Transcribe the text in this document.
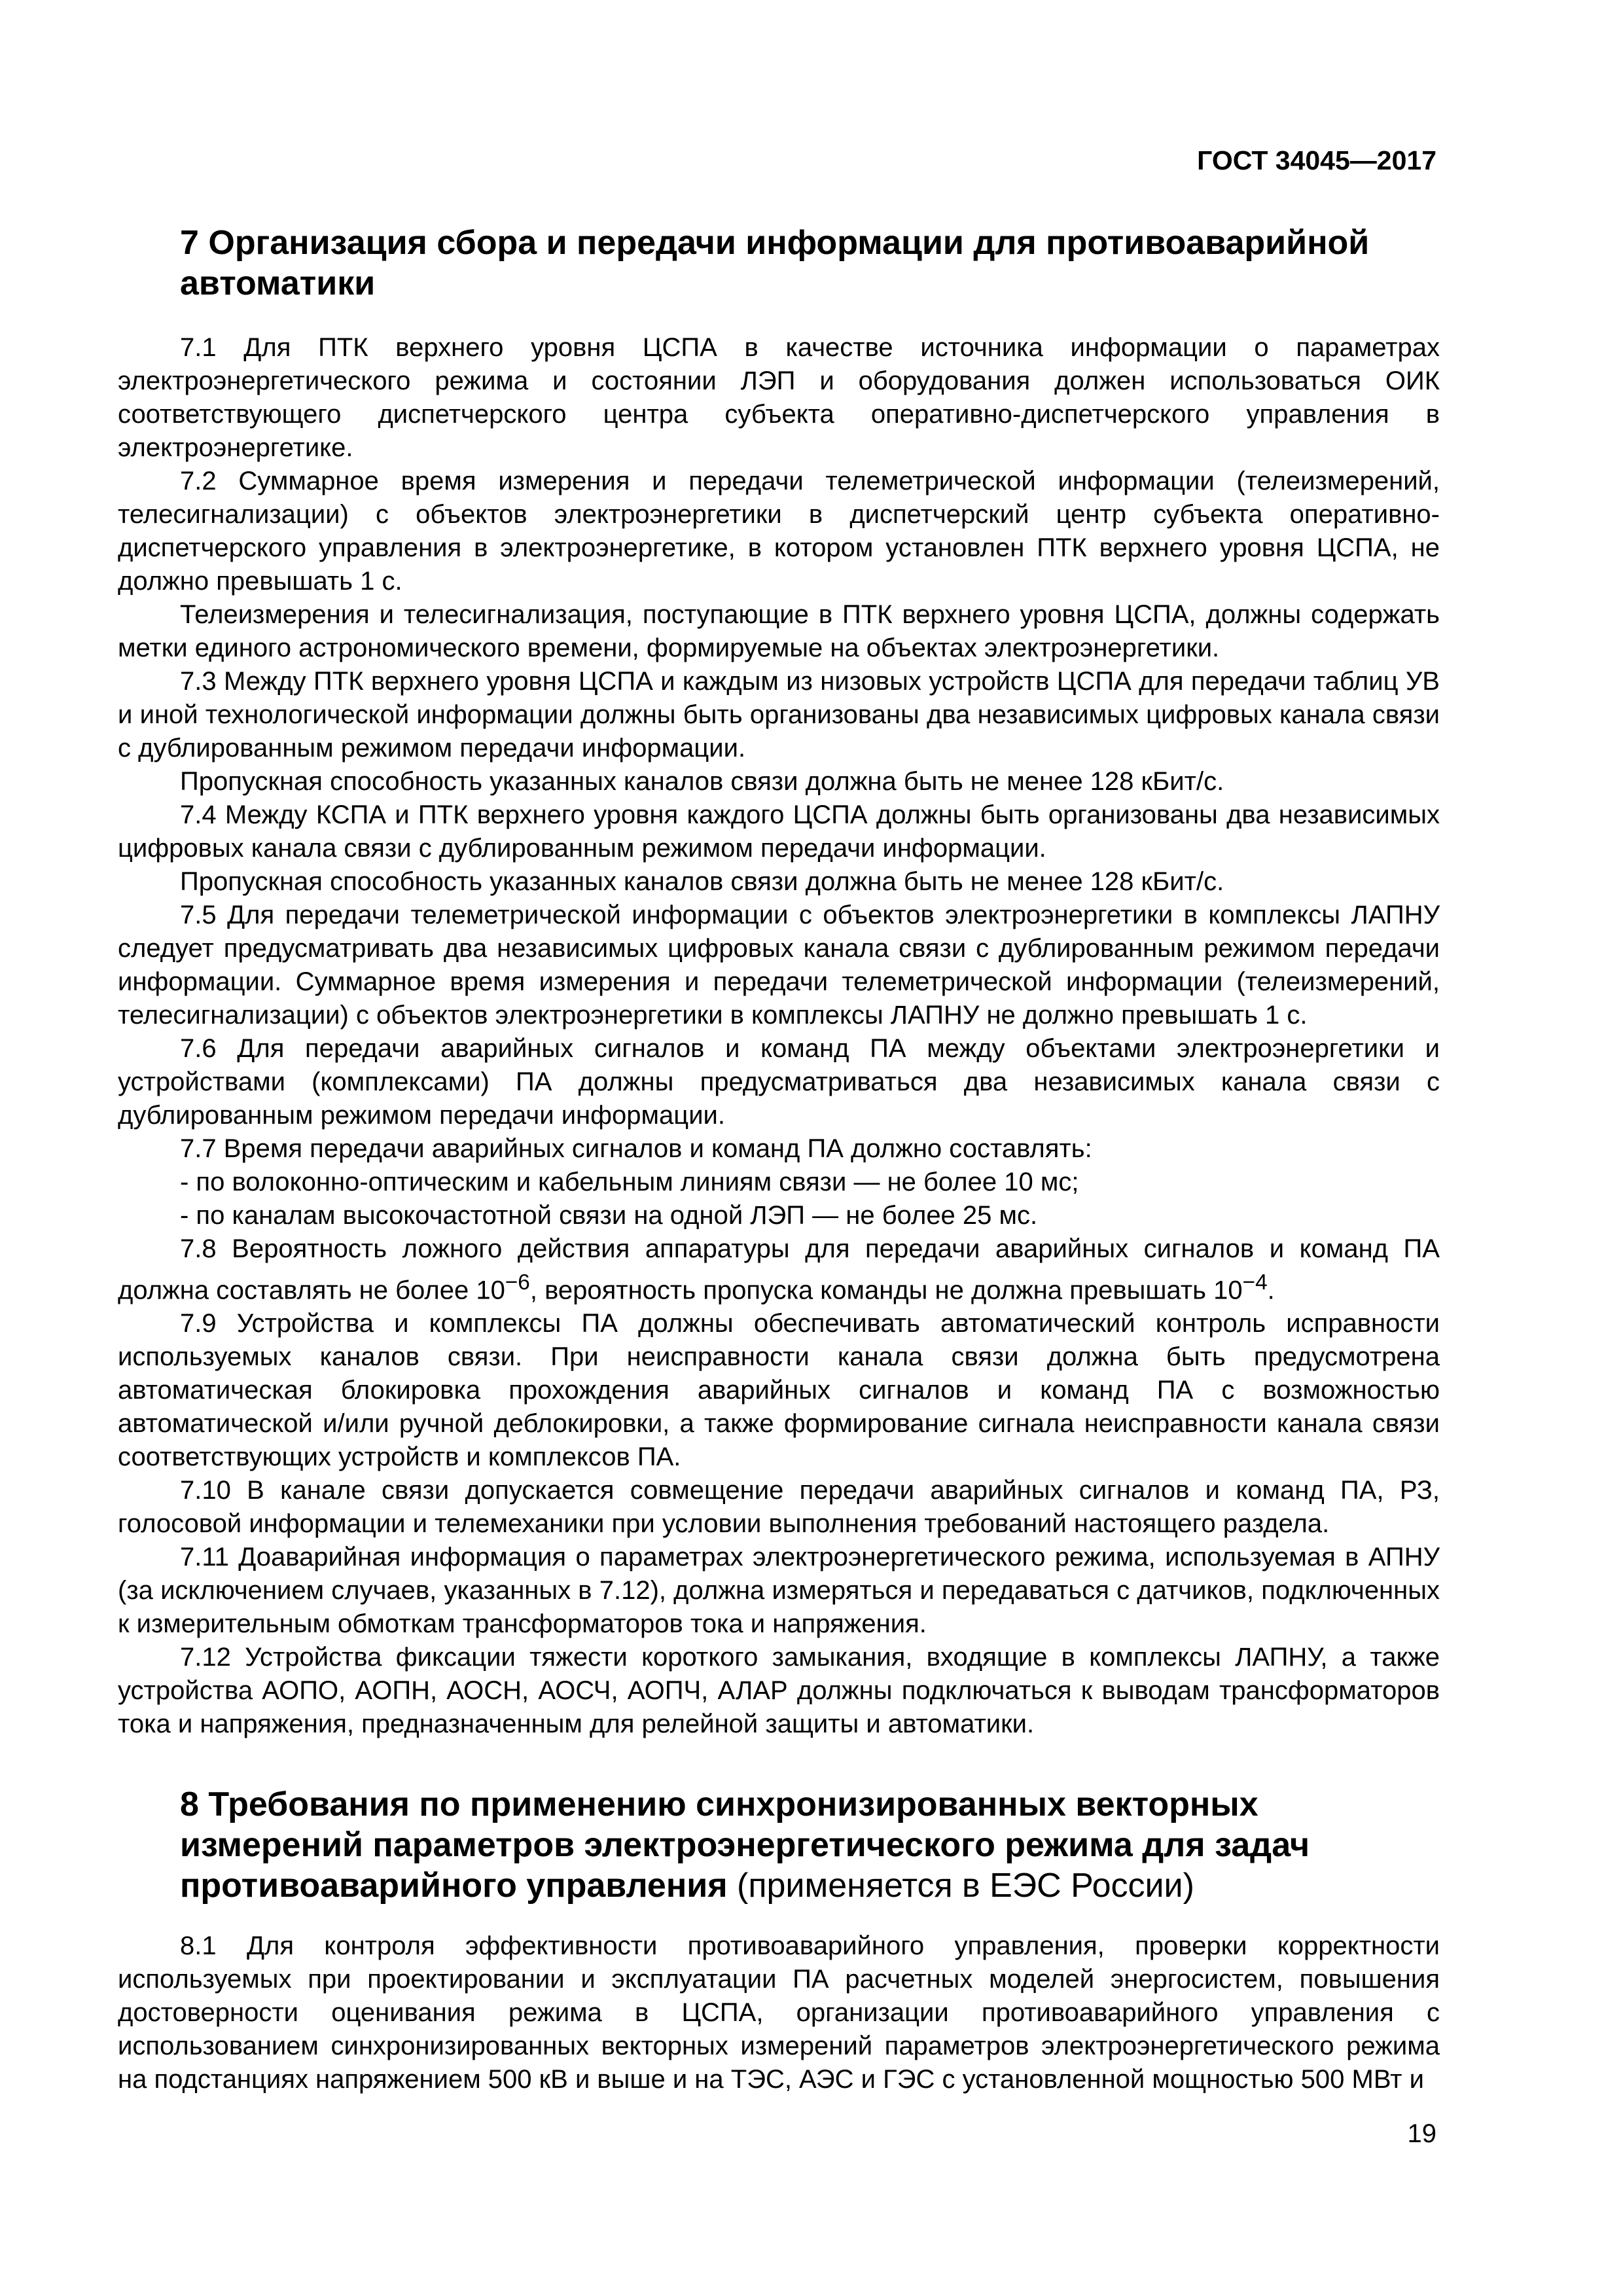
ГОСТ 34045—2017
7 Организация сбора и передачи информации для противоаварийной автоматики

7.1 Для ПТК верхнего уровня ЦСПА в качестве источника информации о параметрах электроэнергетического режима и состоянии ЛЭП и оборудования должен использоваться ОИК соответствующего диспетчерского центра субъекта оперативно-диспетчерского управления в электроэнергетике.

7.2 Суммарное время измерения и передачи телеметрической информации (телеизмерений, телесигнализации) с объектов электроэнергетики в диспетчерский центр субъекта оперативно-диспетчерского управления в электроэнергетике, в котором установлен ПТК верхнего уровня ЦСПА, не должно превышать 1 с.

Телеизмерения и телесигнализация, поступающие в ПТК верхнего уровня ЦСПА, должны содержать метки единого астрономического времени, формируемые на объектах электроэнергетики.

7.3 Между ПТК верхнего уровня ЦСПА и каждым из низовых устройств ЦСПА для передачи таблиц УВ и иной технологической информации должны быть организованы два независимых цифровых канала связи с дублированным режимом передачи информации.

Пропускная способность указанных каналов связи должна быть не менее 128 кБит/с.

7.4 Между КСПА и ПТК верхнего уровня каждого ЦСПА должны быть организованы два независимых цифровых канала связи с дублированным режимом передачи информации.

Пропускная способность указанных каналов связи должна быть не менее 128 кБит/с.

7.5 Для передачи телеметрической информации с объектов электроэнергетики в комплексы ЛАПНУ следует предусматривать два независимых цифровых канала связи с дублированным режимом передачи информации. Суммарное время измерения и передачи телеметрической информации (телеизмерений, телесигнализации) с объектов электроэнергетики в комплексы ЛАПНУ не должно превышать 1 с.

7.6 Для передачи аварийных сигналов и команд ПА между объектами электроэнергетики и устройствами (комплексами) ПА должны предусматриваться два независимых канала связи с дублированным режимом передачи информации.

7.7 Время передачи аварийных сигналов и команд ПА должно составлять:

- по волоконно-оптическим и кабельным линиям связи — не более 10 мс;

- по каналам высокочастотной связи на одной ЛЭП — не более 25 мс.

7.8 Вероятность ложного действия аппаратуры для передачи аварийных сигналов и команд ПА должна составлять не более $10^{-6}$, вероятность пропуска команды не должна превышать $10^{-4}$.

7.9 Устройства и комплексы ПА должны обеспечивать автоматический контроль исправности используемых каналов связи. При неисправности канала связи должна быть предусмотрена автоматическая блокировка прохождения аварийных сигналов и команд ПА с возможностью автоматической и/или ручной деблокировки, а также формирование сигнала неисправности канала связи соответствующих устройств и комплексов ПА.

7.10 В канале связи допускается совмещение передачи аварийных сигналов и команд ПА, РЗ, голосовой информации и телемеханики при условии выполнения требований настоящего раздела.

7.11 Доаварийная информация о параметрах электроэнергетического режима, используемая в АПНУ (за исключением случаев, указанных в 7.12), должна измеряться и передаваться с датчиков, подключенных к измерительным обмоткам трансформаторов тока и напряжения.

7.12 Устройства фиксации тяжести короткого замыкания, входящие в комплексы ЛАПНУ, а также устройства АОПО, АОПН, АОСН, АОСЧ, АОПЧ, АЛАР должны подключаться к выводам трансформаторов тока и напряжения, предназначенным для релейной защиты и автоматики.

8 Требования по применению синхронизированных векторных измерений параметров электроэнергетического режима для задач противоаварийного управления (применяется в ЕЭС России)

8.1 Для контроля эффективности противоаварийного управления, проверки корректности используемых при проектировании и эксплуатации ПА расчетных моделей энергосистем, повышения достоверности оценивания режима в ЦСПА, организации противоаварийного управления с использованием синхронизированных векторных измерений параметров электроэнергетического режима на подстанциях напряжением 500 кВ и выше и на ТЭС, АЭС и ГЭС с установленной мощностью 500 МВт и

19
